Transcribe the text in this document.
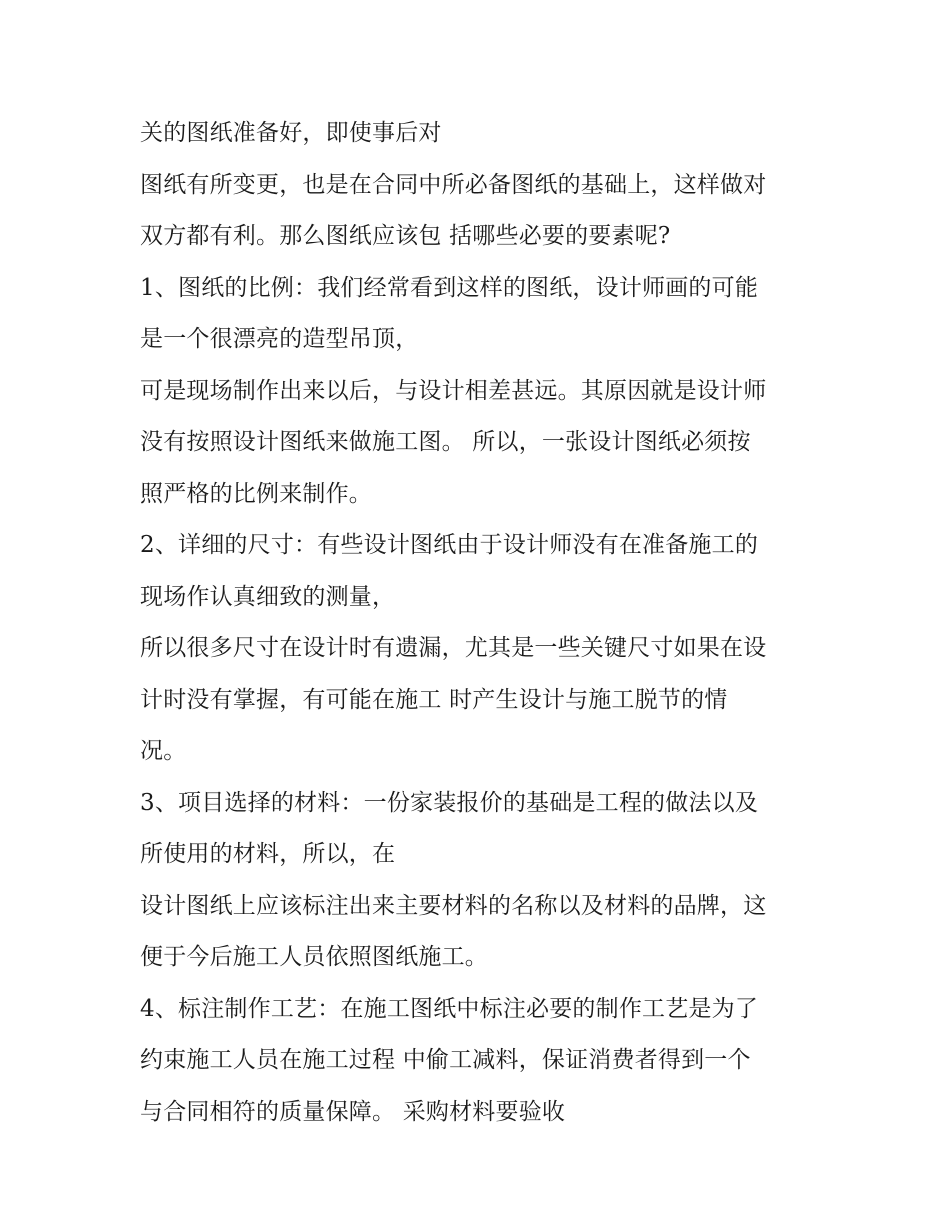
关的图纸准备好，即使事后对
图纸有所变更，也是在合同中所必备图纸的基础上，这样做对
双方都有利。那么图纸应该包 括哪些必要的要素呢?
1、图纸的比例：我们经常看到这样的图纸，设计师画的可能
是一个很漂亮的造型吊顶，
可是现场制作出来以后，与设计相差甚远。其原因就是设计师
没有按照设计图纸来做施工图。 所以，一张设计图纸必须按
照严格的比例来制作。
2、详细的尺寸：有些设计图纸由于设计师没有在准备施工的
现场作认真细致的测量，
所以很多尺寸在设计时有遗漏，尤其是一些关键尺寸如果在设
计时没有掌握，有可能在施工 时产生设计与施工脱节的情
况。
3、项目选择的材料：一份家装报价的基础是工程的做法以及
所使用的材料，所以，在
设计图纸上应该标注出来主要材料的名称以及材料的品牌，这
便于今后施工人员依照图纸施工。
4、标注制作工艺：在施工图纸中标注必要的制作工艺是为了
约束施工人员在施工过程 中偷工减料，保证消费者得到一个
与合同相符的质量保障。 采购材料要验收
